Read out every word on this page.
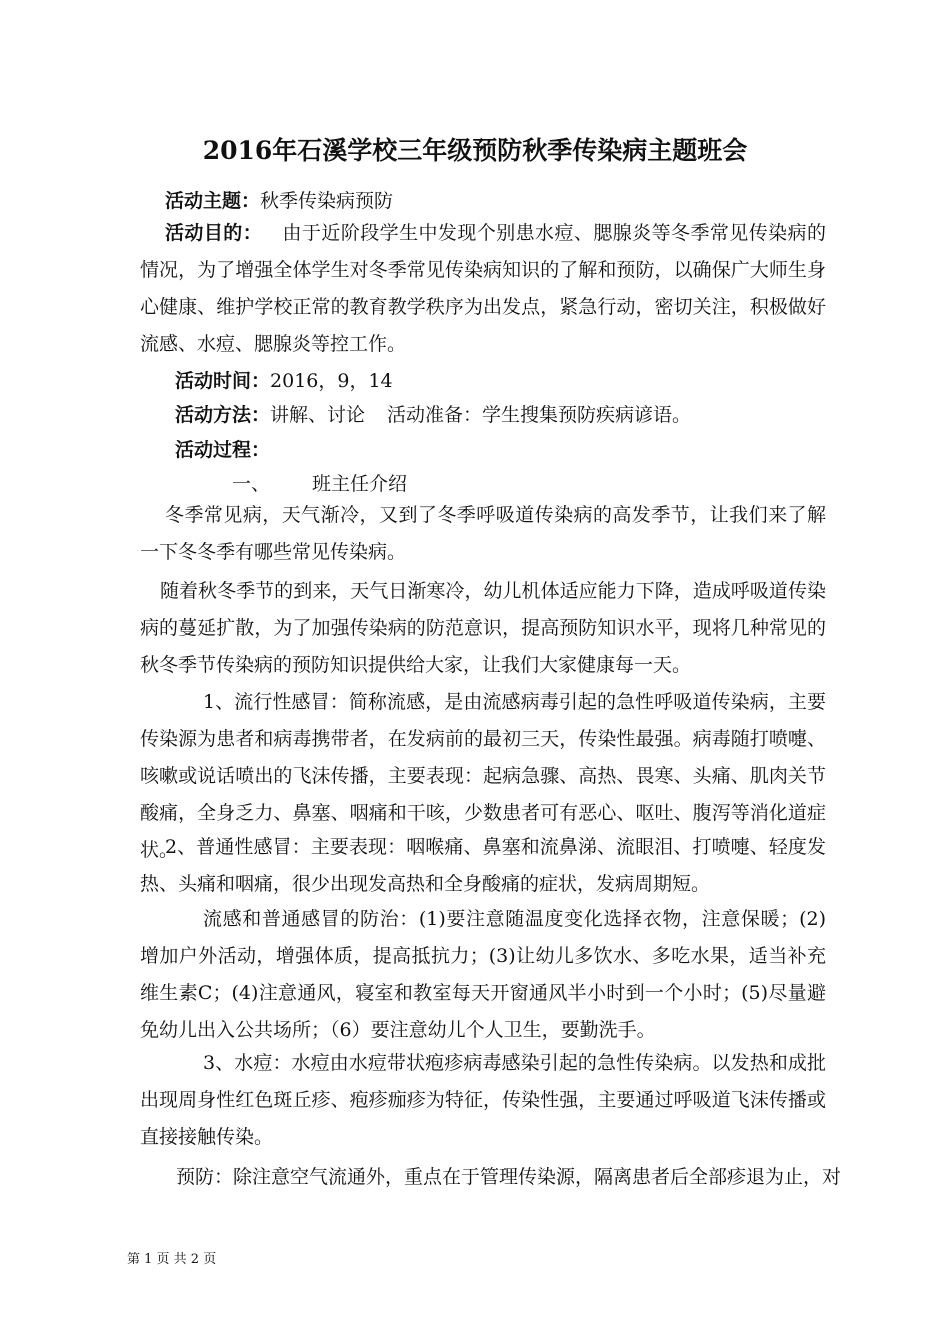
2016年石溪学校三年级预防秋季传染病主题班会
活动主题：秋季传染病预防
活动目的： 由于近阶段学生中发现个别患水痘、腮腺炎等冬季常见传染病的情况，为了增强全体学生对冬季常见传染病知识的了解和预防，以确保广大师生身心健康、维护学校正常的教育教学秩序为出发点，紧急行动，密切关注，积极做好流感、水痘、腮腺炎等控工作。
活动时间：2016，9，14
活动方法：讲解、讨论 活动准备：学生搜集预防疾病谚语。
活动过程：
一、 班主任介绍
冬季常见病，天气渐冷，又到了冬季呼吸道传染病的高发季节，让我们来了解一下冬冬季有哪些常见传染病。
随着秋冬季节的到来，天气日渐寒冷，幼儿机体适应能力下降，造成呼吸道传染病的蔓延扩散，为了加强传染病的防范意识，提高预防知识水平，现将几种常见的秋冬季节传染病的预防知识提供给大家，让我们大家健康每一天。
1、流行性感冒：简称流感，是由流感病毒引起的急性呼吸道传染病，主要传染源为患者和病毒携带者，在发病前的最初三天，传染性最强。病毒随打喷嚏、咳嗽或说话喷出的飞沫传播，主要表现：起病急骤、高热、畏寒、头痛、肌肉关节酸痛，全身乏力、鼻塞、咽痛和干咳，少数患者可有恶心、呕吐、腹泻等消化道症状。
2、普通性感冒：主要表现：咽喉痛、鼻塞和流鼻涕、流眼泪、打喷嚏、轻度发热、头痛和咽痛，很少出现发高热和全身酸痛的症状，发病周期短。
流感和普通感冒的防治：(1)要注意随温度变化选择衣物，注意保暖；(2)增加户外活动，增强体质，提高抵抗力；(3)让幼儿多饮水、多吃水果，适当补充维生素C；(4)注意通风，寝室和教室每天开窗通风半小时到一个小时；(5)尽量避免幼儿出入公共场所；（6）要注意幼儿个人卫生，要勤洗手。
3、水痘：水痘由水痘带状疱疹病毒感染引起的急性传染病。以发热和成批出现周身性红色斑丘疹、疱疹痂疹为特征，传染性强，主要通过呼吸道飞沫传播或直接接触传染。
预防：除注意空气流通外，重点在于管理传染源，隔离患者后全部疹退为止，对
第 1 页 共 2 页
